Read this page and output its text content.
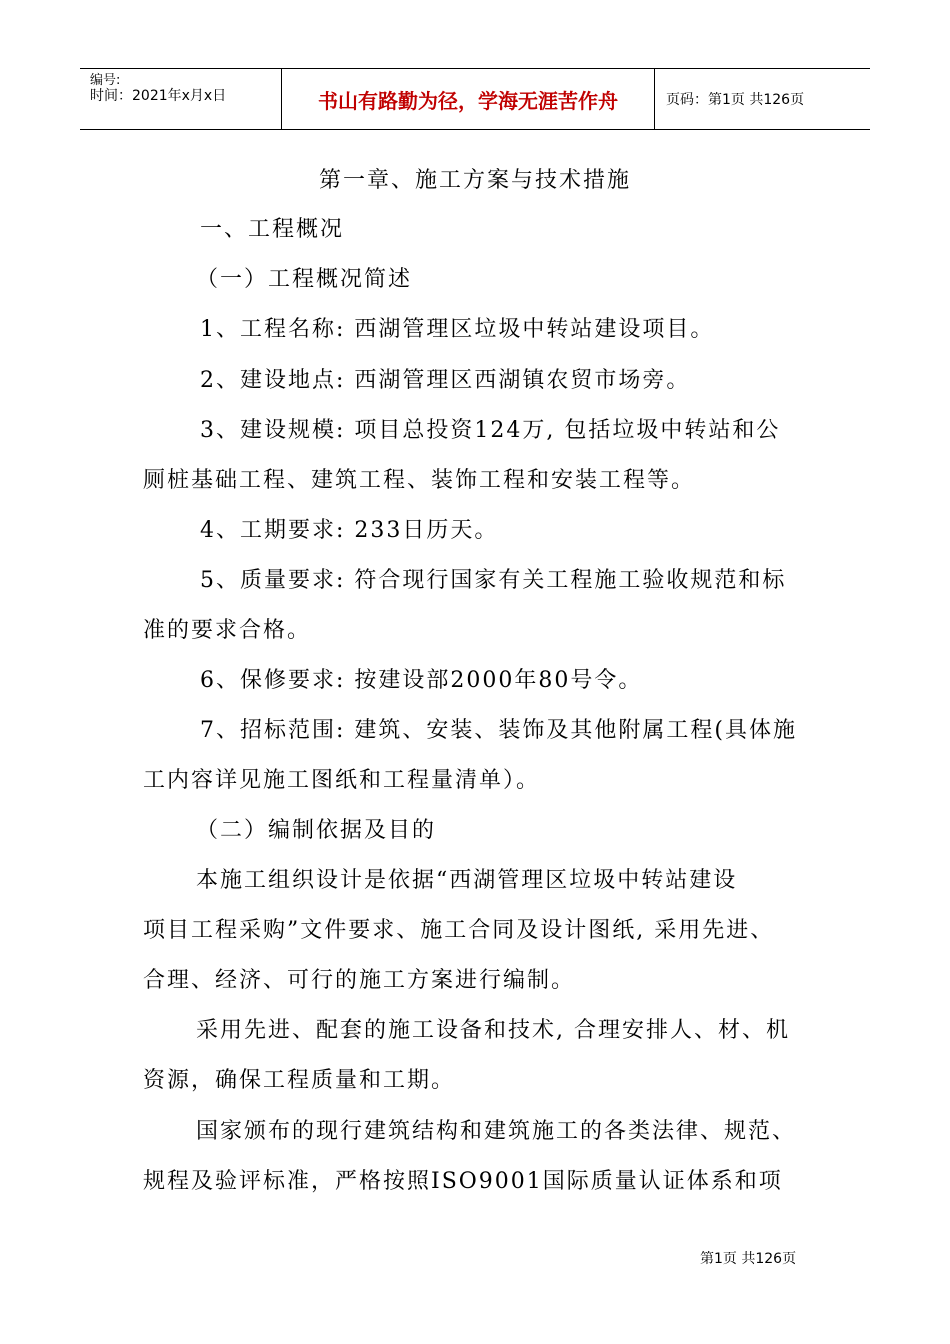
编号:
时间：2021年x月x日	书山有路勤为径，学海无涯苦作舟	页码：第1页 共126页
第一章、施工方案与技术措施
一、工程概况
（一）工程概况简述
1、工程名称: 西湖管理区垃圾中转站建设项目。
2、建设地点: 西湖管理区西湖镇农贸市场旁。
3、建设规模: 项目总投资124万, 包括垃圾中转站和公
厕桩基础工程、建筑工程、装饰工程和安装工程等。
4、工期要求: 233日历天。
5、质量要求: 符合现行国家有关工程施工验收规范和标
准的要求合格。
6、保修要求: 按建设部2000年80号令。
7、招标范围: 建筑、安装、装饰及其他附属工程(具体施
工内容详见施工图纸和工程量清单）。
（二）编制依据及目的
本施工组织设计是依据“西湖管理区垃圾中转站建设
项目工程采购”文件要求、施工合同及设计图纸, 采用先进、
合理、经济、可行的施工方案进行编制。
采用先进、配套的施工设备和技术, 合理安排人、材、机
资源，确保工程质量和工期。
国家颁布的现行建筑结构和建筑施工的各类法律、规范、
规程及验评标准，严格按照ISO9001国际质量认证体系和项
第1页 共126页
